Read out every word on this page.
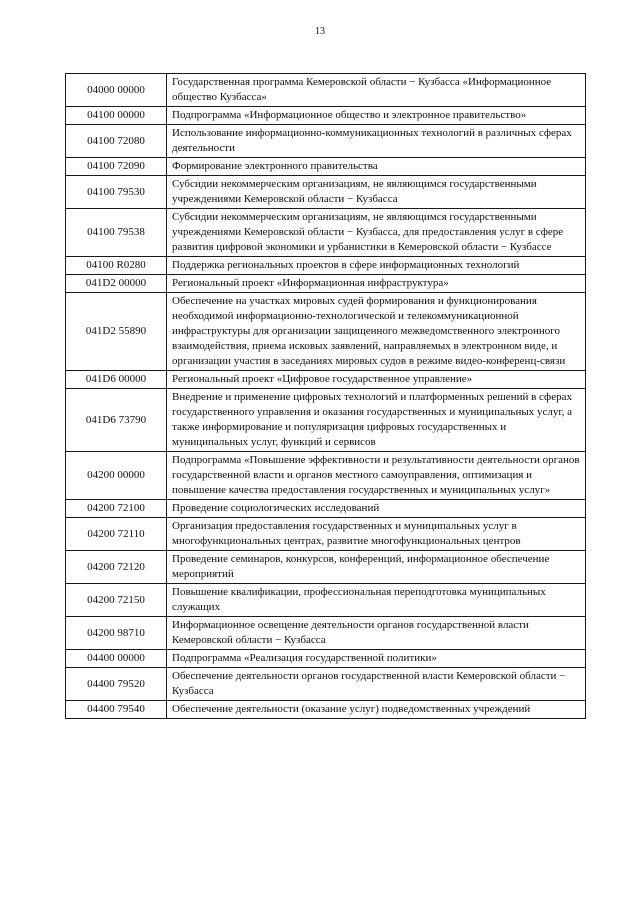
13
04000 00000	Государственная программа Кемеровской области − Кузбасса «Информационное общество Кузбасса»
04100 00000	Подпрограмма «Информационное общество и электронное правительство»
04100 72080	Использование информационно-коммуникационных технологий в различных сферах деятельности
04100 72090	Формирование электронного правительства
04100 79530	Субсидии некоммерческим организациям, не являющимся государственными учреждениями Кемеровской области − Кузбасса
04100 79538	Субсидии некоммерческим организациям, не являющимся государственными учреждениями Кемеровской области − Кузбасса, для предоставления услуг в сфере развития цифровой экономики и урбанистики в Кемеровской области − Кузбассе
04100 R0280	Поддержка региональных проектов в сфере информационных технологий
041D2 00000	Региональный проект «Информационная инфраструктура»
041D2 55890	Обеспечение на участках мировых судей формирования и функционирования необходимой информационно-технологической и телекоммуникационной инфраструктуры для организации защищенного межведомственного электронного взаимодействия, приема исковых заявлений, направляемых в электронном виде, и организации участия в заседаниях мировых судов в режиме видео-конференц-связи
041D6 00000	Региональный проект «Цифровое государственное управление»
041D6 73790	Внедрение и применение цифровых технологий и платформенных решений в сферах государственного управления и оказания государственных и муниципальных услуг, а также информирование и популяризация цифровых государственных и муниципальных услуг, функций и сервисов
04200 00000	Подпрограмма «Повышение эффективности и результативности деятельности органов государственной власти и органов местного самоуправления, оптимизация и повышение качества предоставления государственных и муниципальных услуг»
04200 72100	Проведение социологических исследований
04200 72110	Организация предоставления государственных и муниципальных услуг в многофункциональных центрах, развитие многофункциональных центров
04200 72120	Проведение семинаров, конкурсов, конференций, информационное обеспечение мероприятий
04200 72150	Повышение квалификации, профессиональная переподготовка муниципальных служащих
04200 98710	Информационное освещение деятельности органов государственной власти Кемеровской области − Кузбасса
04400 00000	Подпрограмма «Реализация государственной политики»
04400 79520	Обеспечение деятельности органов государственной власти Кемеровской области − Кузбасса
04400 79540	Обеспечение деятельности (оказание услуг) подведомственных учреждений
